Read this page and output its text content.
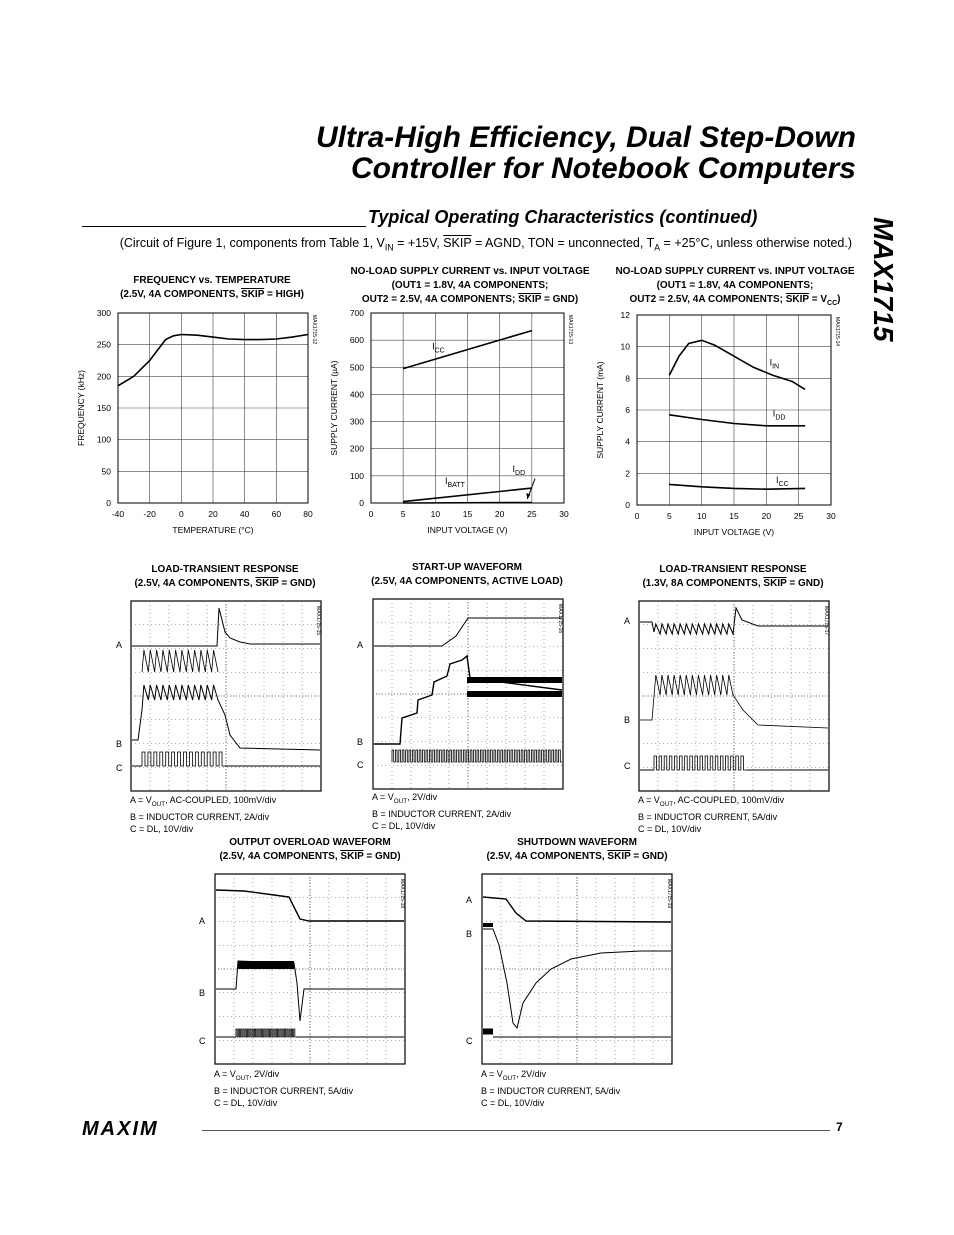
Ultra-High Efficiency, Dual Step-Down
Controller for Notebook Computers
MAX1715
Typical Operating Characteristics (continued)
(Circuit of Figure 1, components from Table 1, $V_{IN} = +15V$, SKIP = AGND, TON = unconnected, $T_A = +25^\circ C$, unless otherwise noted.)
FREQUENCY vs. TEMPERATURE
(2.5V, 4A COMPONENTS, SKIP = HIGH)
NO-LOAD SUPPLY CURRENT vs. INPUT VOLTAGE
(OUT1 = 1.8V, 4A COMPONENTS;
OUT2 = 2.5V, 4A COMPONENTS; SKIP = GND)
NO-LOAD SUPPLY CURRENT vs. INPUT VOLTAGE
(OUT1 = 1.8V, 4A COMPONENTS;
OUT2 = 2.5V, 4A COMPONENTS; SKIP = $V_{CC}$)
-40 -20	0	20	40	60	80
0
50
100
150
200
250
300
TEMPERATURE (°C)
FREQUENCY (kHz)
MAX1715-12
0	5	10	15	20	25	30
0
100
200
300
400
500
600
700
INPUT VOLTAGE (V)
SUPPLY CURRENT (µA)
MAX1715-13
$I_{CC}$
$I_{BATT}$
$I_{DD}$
0	5	10	15	20	25	30
0
2
4
6
8
10
12
INPUT VOLTAGE (V)
SUPPLY CURRENT (mA)
MAX1715-14
$I_{IN}$
$I_{DD}$
$I_{CC}$
LOAD-TRANSIENT RESPONSE
(2.5V, 4A COMPONENTS, SKIP = GND)
MAX1715-15
A
B
C
$A = V_{OUT}$, AC-COUPLED, 100mV/div
B = INDUCTOR CURRENT, 2A/div
C = DL, 10V/div
START-UP WAVEFORM
(2.5V, 4A COMPONENTS, ACTIVE LOAD)
MAX1715-16
A
B
C
$A = V_{OUT}$, 2V/div
B = INDUCTOR CURRENT, 2A/div
C = DL, 10V/div
LOAD-TRANSIENT RESPONSE
(1.3V, 8A COMPONENTS, SKIP = GND)
MAX1715-17
A
B
C
$A = V_{OUT}$, AC-COUPLED, 100mV/div
B = INDUCTOR CURRENT, 5A/div
C = DL, 10V/div
OUTPUT OVERLOAD WAVEFORM
(2.5V, 4A COMPONENTS, SKIP = GND)
MAX1715-18
A
B
C
$A = V_{OUT}$, 2V/div
B = INDUCTOR CURRENT, 5A/div
C = DL, 10V/div
SHUTDOWN WAVEFORM
(2.5V, 4A COMPONENTS, SKIP = GND)
MAX1715-19
A
B
C
$A = V_{OUT}$, 2V/div
B = INDUCTOR CURRENT, 5A/div
C = DL, 10V/div
MAXIM	7
